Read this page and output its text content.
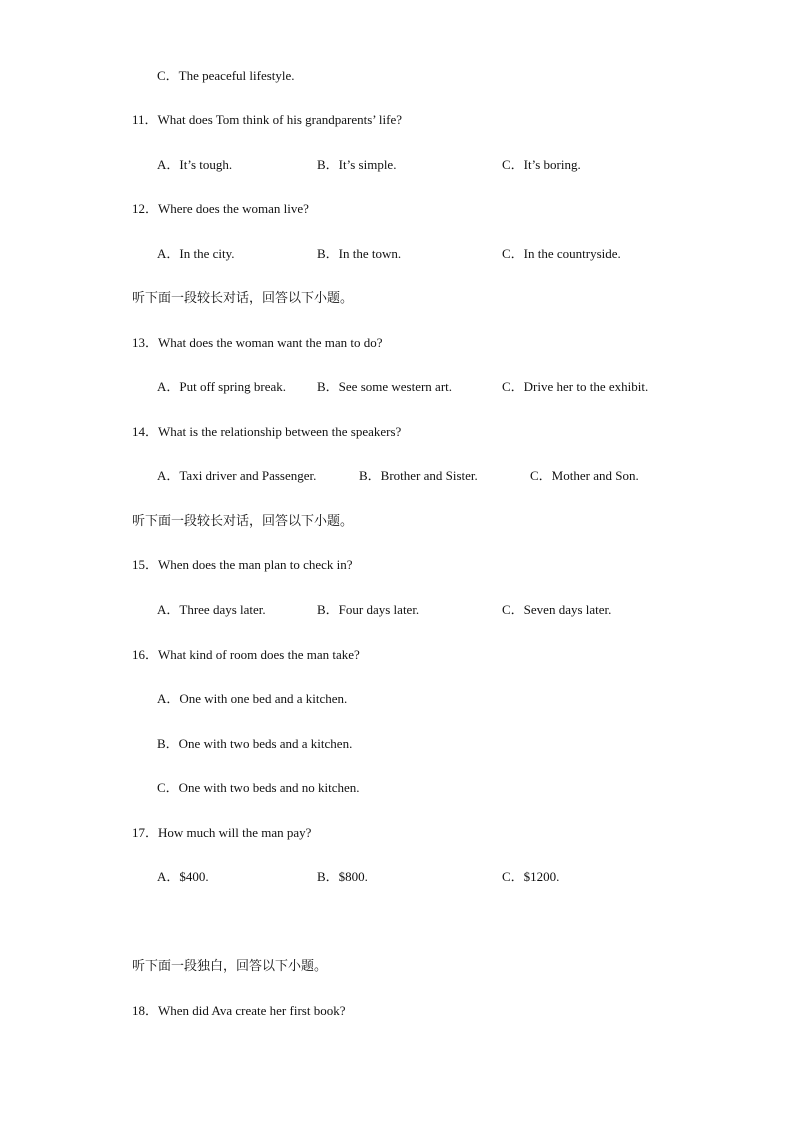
C．The peaceful lifestyle.
11．What does Tom think of his grandparents’ life?
A．It’s tough.	B．It’s simple.	C．It’s boring.
12．Where does the woman live?
A．In the city.	B．In the town.	C．In the countryside.
听下面一段较长对话，回答以下小题。
13．What does the woman want the man to do?
A．Put off spring break. B．See some western art.	C．Drive her to the exhibit.
14．What is the relationship between the speakers?
A．Taxi driver and Passenger.	B．Brother and Sister.	C．Mother and Son.
听下面一段较长对话，回答以下小题。
15．When does the man plan to check in?
A．Three days later.	B．Four days later.	C．Seven days later.
16．What kind of room does the man take?
A．One with one bed and a kitchen.
B．One with two beds and a kitchen.
C．One with two beds and no kitchen.
17．How much will the man pay?
A．$400.	B．$800.	C．$1200.
听下面一段独白，回答以下小题。
18．When did Ava create her first book?
